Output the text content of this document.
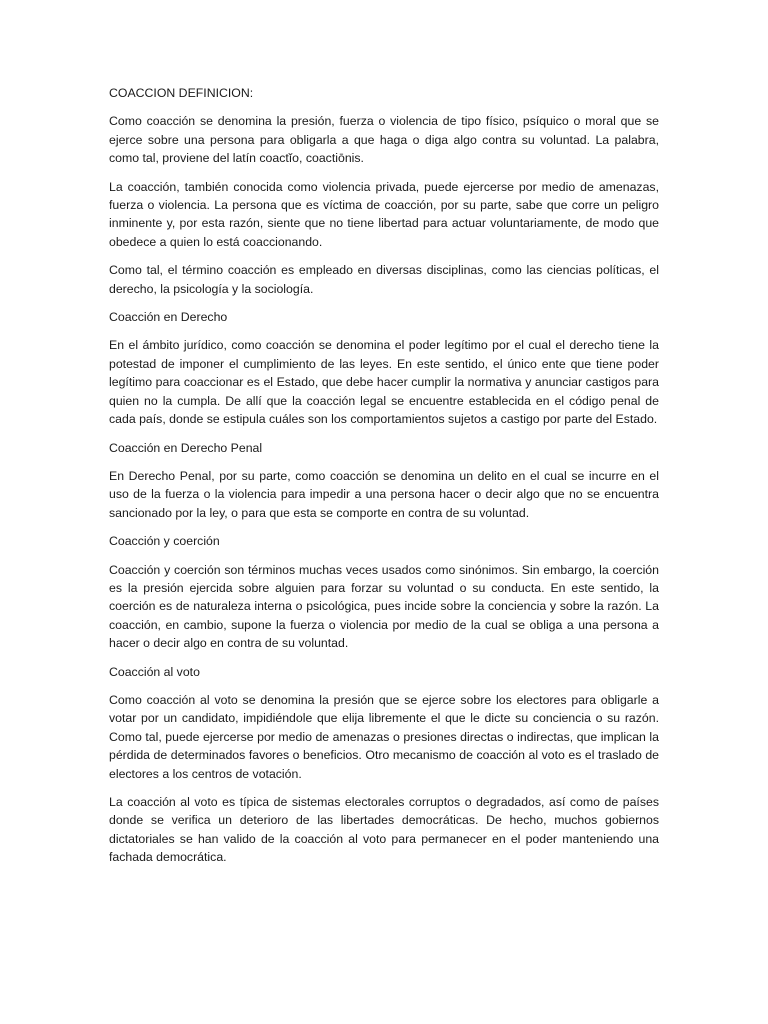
COACCION DEFINICION:

Como coacción se denomina la presión, fuerza o violencia de tipo físico, psíquico o moral que se ejerce sobre una persona para obligarla a que haga o diga algo contra su voluntad. La palabra, como tal, proviene del latín coactĭo, coactiōnis.

La coacción, también conocida como violencia privada, puede ejercerse por medio de amenazas, fuerza o violencia. La persona que es víctima de coacción, por su parte, sabe que corre un peligro inminente y, por esta razón, siente que no tiene libertad para actuar voluntariamente, de modo que obedece a quien lo está coaccionando.

Como tal, el término coacción es empleado en diversas disciplinas, como las ciencias políticas, el derecho, la psicología y la sociología.

Coacción en Derecho

En el ámbito jurídico, como coacción se denomina el poder legítimo por el cual el derecho tiene la potestad de imponer el cumplimiento de las leyes. En este sentido, el único ente que tiene poder legítimo para coaccionar es el Estado, que debe hacer cumplir la normativa y anunciar castigos para quien no la cumpla. De allí que la coacción legal se encuentre establecida en el código penal de cada país, donde se estipula cuáles son los comportamientos sujetos a castigo por parte del Estado.

Coacción en Derecho Penal

En Derecho Penal, por su parte, como coacción se denomina un delito en el cual se incurre en el uso de la fuerza o la violencia para impedir a una persona hacer o decir algo que no se encuentra sancionado por la ley, o para que esta se comporte en contra de su voluntad.

Coacción y coerción

Coacción y coerción son términos muchas veces usados como sinónimos. Sin embargo, la coerción es la presión ejercida sobre alguien para forzar su voluntad o su conducta. En este sentido, la coerción es de naturaleza interna o psicológica, pues incide sobre la conciencia y sobre la razón. La coacción, en cambio, supone la fuerza o violencia por medio de la cual se obliga a una persona a hacer o decir algo en contra de su voluntad.

Coacción al voto

Como coacción al voto se denomina la presión que se ejerce sobre los electores para obligarle a votar por un candidato, impidiéndole que elija libremente el que le dicte su conciencia o su razón. Como tal, puede ejercerse por medio de amenazas o presiones directas o indirectas, que implican la pérdida de determinados favores o beneficios. Otro mecanismo de coacción al voto es el traslado de electores a los centros de votación.

La coacción al voto es típica de sistemas electorales corruptos o degradados, así como de países donde se verifica un deterioro de las libertades democráticas. De hecho, muchos gobiernos dictatoriales se han valido de la coacción al voto para permanecer en el poder manteniendo una fachada democrática.
